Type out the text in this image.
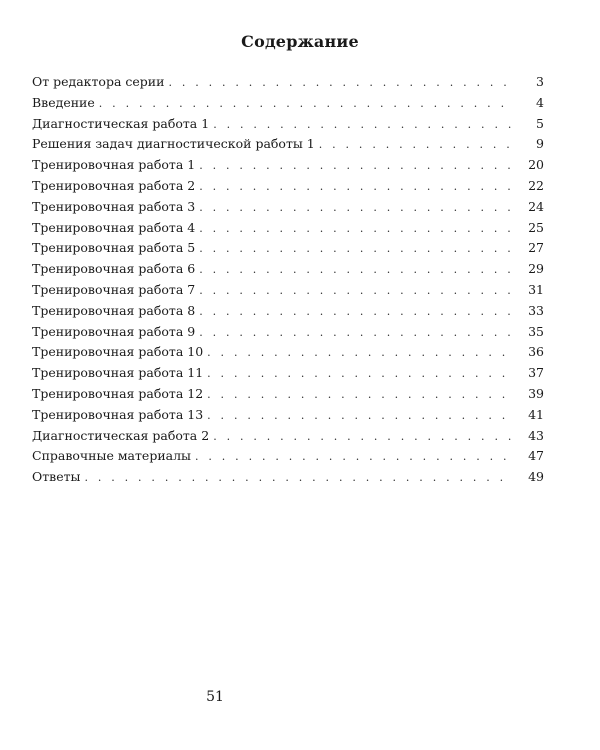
Содержание
От редактора серии . . .	3
Введение . . .	4
Диагностическая работа 1 . . .	5
Решения задач диагностической работы 1 . . .	9
Тренировочная работа 1 . . .	20
Тренировочная работа 2 . . .	22
Тренировочная работа 3 . . .	24
Тренировочная работа 4 . . .	25
Тренировочная работа 5 . . .	27
Тренировочная работа 6 . . .	29
Тренировочная работа 7 . . .	31
Тренировочная работа 8 . . .	33
Тренировочная работа 9 . . .	35
Тренировочная работа 10 . . .	36
Тренировочная работа 11 . . .	37
Тренировочная работа 12 . . .	39
Тренировочная работа 13 . . .	41
Диагностическая работа 2 . . .	43
Справочные материалы . . .	47
Ответы . . .	49
51
